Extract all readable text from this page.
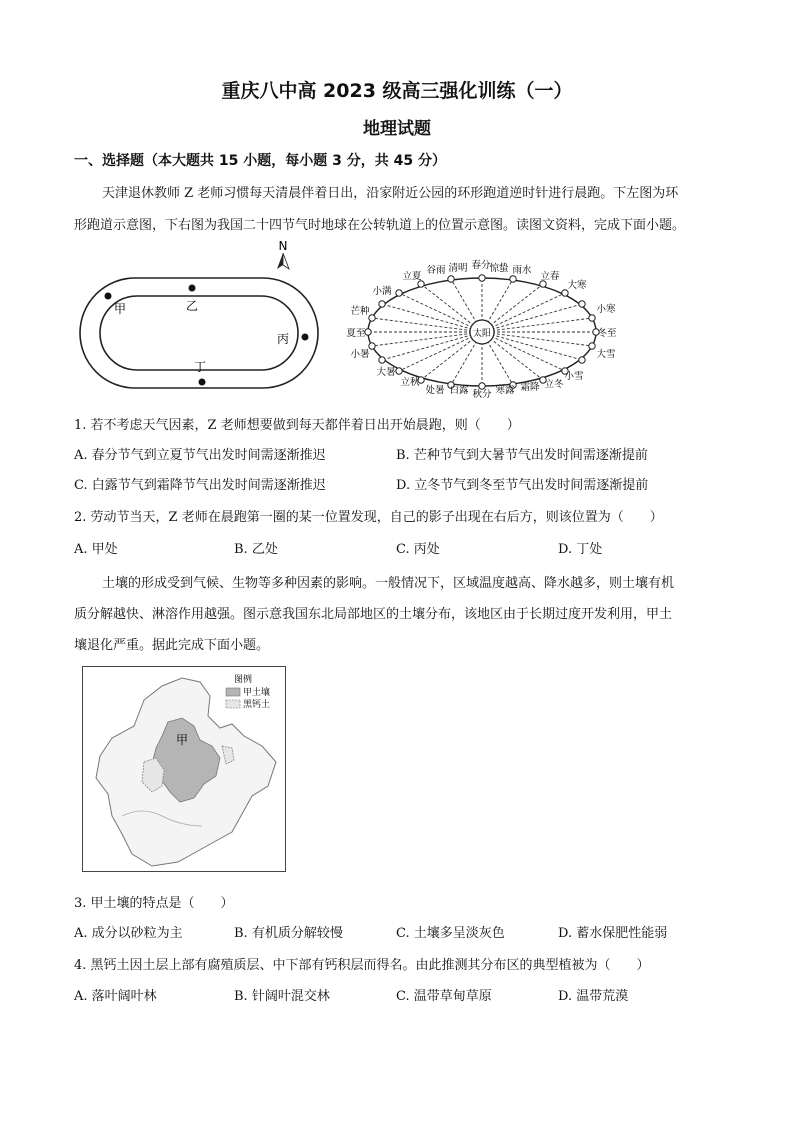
重庆八中高 2023 级高三强化训练（一）
地理试题
一、选择题（本大题共 15 小题，每小题 3 分，共 45 分）
天津退休教师 Z 老师习惯每天清晨伴着日出，沿家附近公园的环形跑道逆时针进行晨跑。下左图为环
形跑道示意图，下右图为我国二十四节气时地球在公转轨道上的位置示意图。读图文资料，完成下面小题。
N
甲	乙
丙
丁
太阳	冬至
小寒
大寒
立春
雨水
惊蛰
春分
清明
谷雨
立夏
小满
芒种
夏至
小暑
大暑
立秋
处暑 白露 秋分 寒露 霜降 立冬
小雪
大雪
1. 若不考虑天气因素，Z 老师想要做到每天都伴着日出开始晨跑，则（　　）
A. 春分节气到立夏节气出发时间需逐渐推迟	B. 芒种节气到大暑节气出发时间需逐渐提前
C. 白露节气到霜降节气出发时间需逐渐推迟	D. 立冬节气到冬至节气出发时间需逐渐提前
2. 劳动节当天，Z 老师在晨跑第一圈的某一位置发现，自己的影子出现在右后方，则该位置为（　　）
A. 甲处	B. 乙处	C. 丙处	D. 丁处
土壤的形成受到气候、生物等多种因素的影响。一般情况下，区域温度越高、降水越多，则土壤有机
质分解越快、淋溶作用越强。图示意我国东北局部地区的土壤分布，该地区由于长期过度开发利用，甲土
壤退化严重。据此完成下面小题。
甲
图例
甲土壤
黑钙土
3. 甲土壤的特点是（　　）
A. 成分以砂粒为主	B. 有机质分解较慢	C. 土壤多呈淡灰色	D. 蓄水保肥性能弱
4. 黑钙土因土层上部有腐殖质层、中下部有钙积层而得名。由此推测其分布区的典型植被为（　　）
A. 落叶阔叶林	B. 针阔叶混交林	C. 温带草甸草原	D. 温带荒漠
